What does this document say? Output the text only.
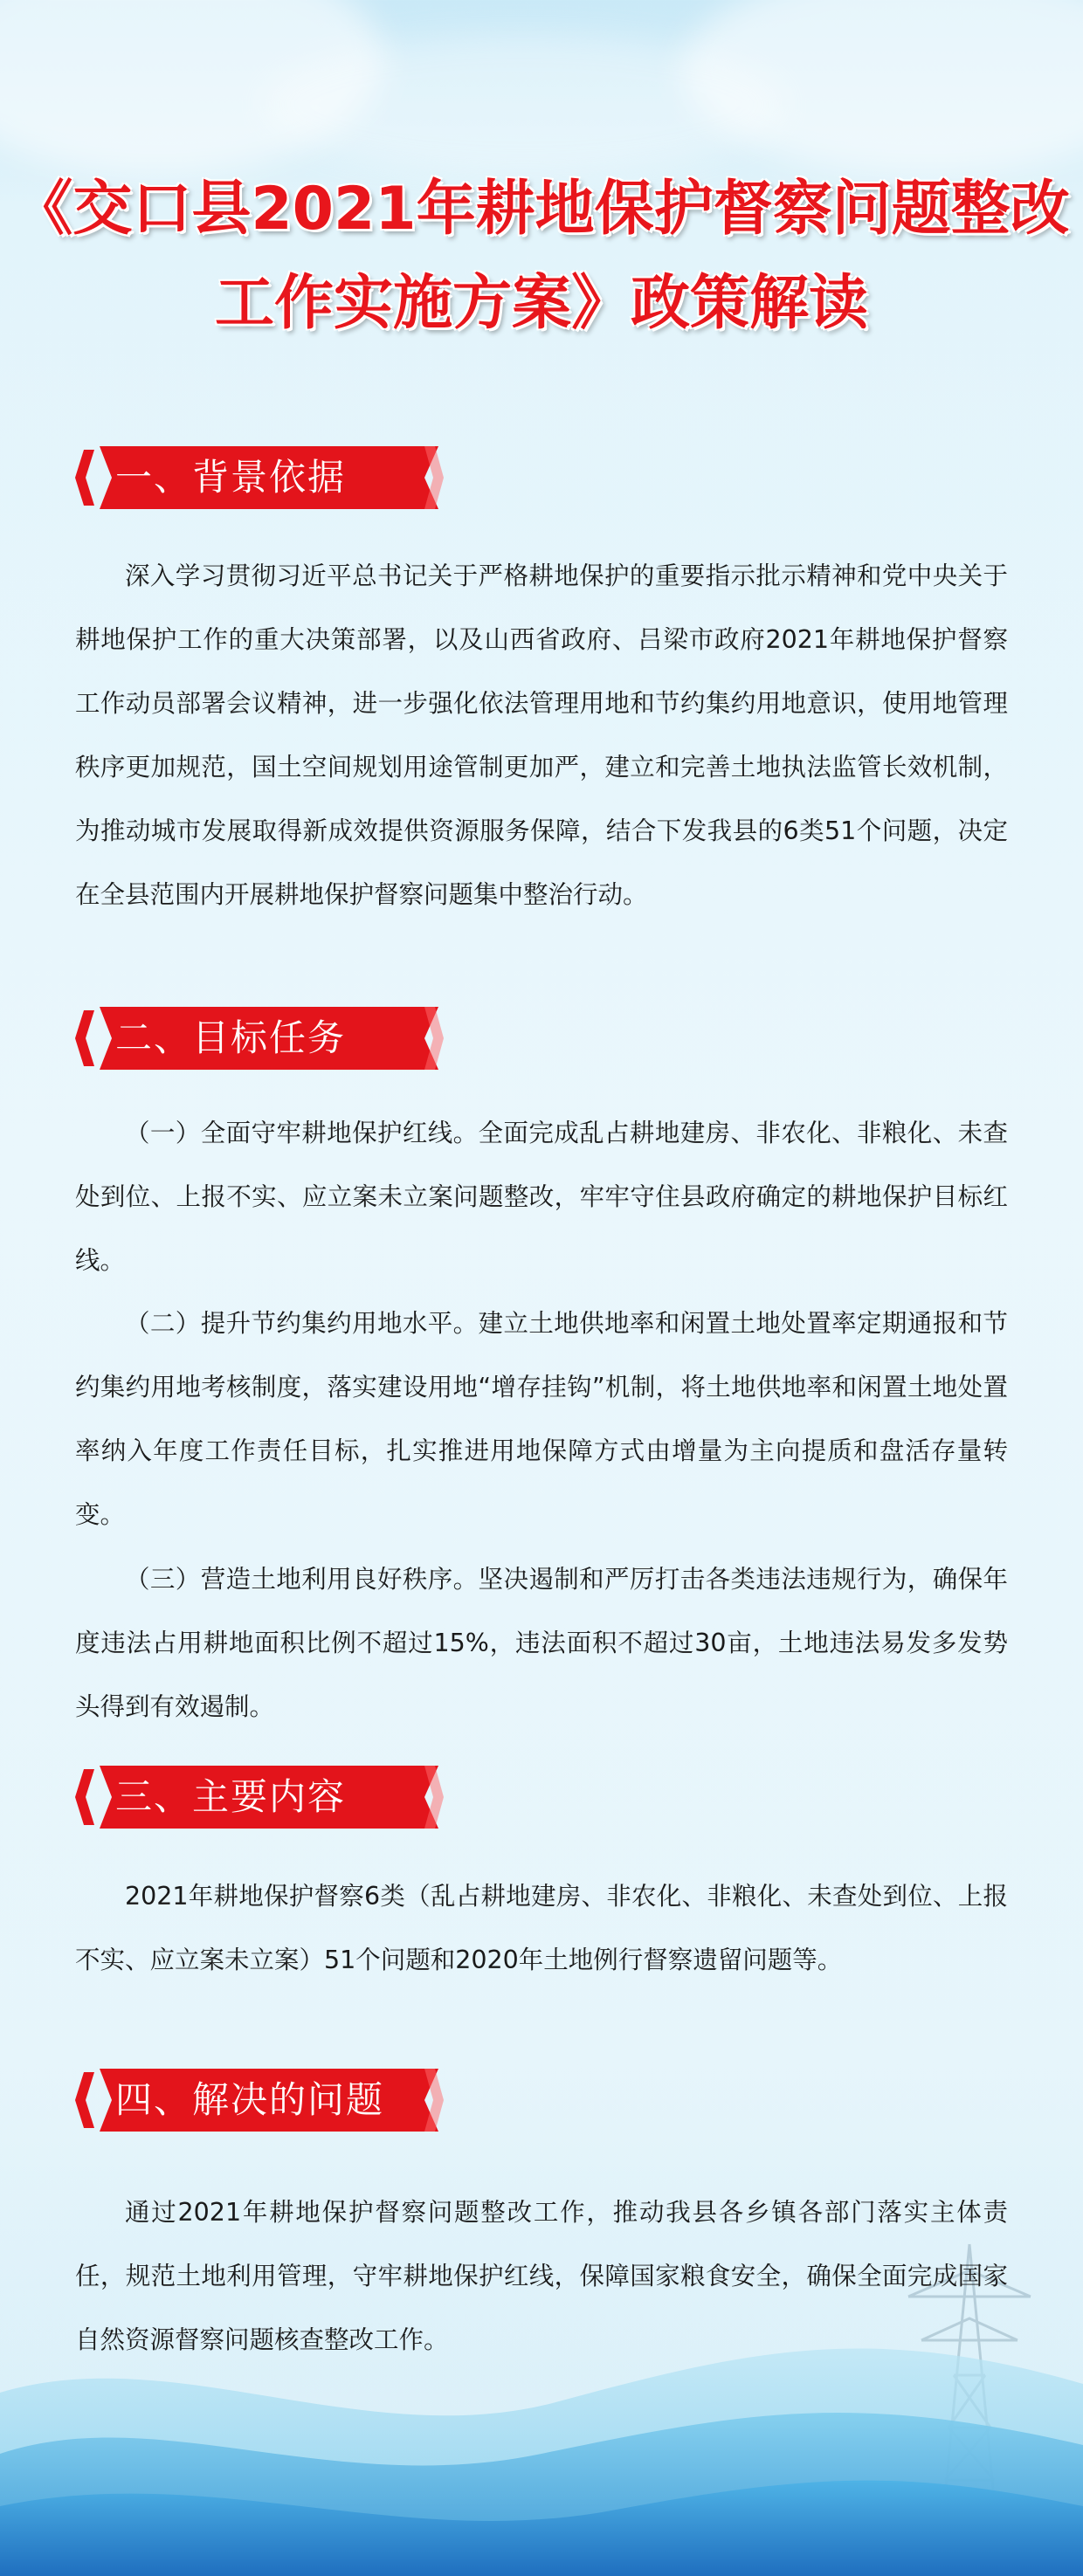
《交口县2021年耕地保护督察问题整改
工作实施方案》政策解读
一、背景依据

深入学习贯彻习近平总书记关于严格耕地保护的重要指示批示精神和党中央关于耕地保护工作的重大决策部署，以及山西省政府、吕梁市政府2021年耕地保护督察工作动员部署会议精神，进一步强化依法管理用地和节约集约用地意识，使用地管理秩序更加规范，国土空间规划用途管制更加严，建立和完善土地执法监管长效机制，为推动城市发展取得新成效提供资源服务保障，结合下发我县的6类51个问题，决定在全县范围内开展耕地保护督察问题集中整治行动。

二、目标任务

（一）全面守牢耕地保护红线。全面完成乱占耕地建房、非农化、非粮化、未查处到位、上报不实、应立案未立案问题整改，牢牢守住县政府确定的耕地保护目标红线。

（二）提升节约集约用地水平。建立土地供地率和闲置土地处置率定期通报和节约集约用地考核制度，落实建设用地“增存挂钩”机制，将土地供地率和闲置土地处置率纳入年度工作责任目标，扎实推进用地保障方式由增量为主向提质和盘活存量转变。

（三）营造土地利用良好秩序。坚决遏制和严厉打击各类违法违规行为，确保年度违法占用耕地面积比例不超过15%，违法面积不超过30亩，土地违法易发多发势头得到有效遏制。

三、主要内容

2021年耕地保护督察6类（乱占耕地建房、非农化、非粮化、未查处到位、上报不实、应立案未立案）51个问题和2020年土地例行督察遗留问题等。

四、解决的问题

通过2021年耕地保护督察问题整改工作，推动我县各乡镇各部门落实主体责任，规范土地利用管理，守牢耕地保护红线，保障国家粮食安全，确保全面完成国家自然资源督察问题核查整改工作。
